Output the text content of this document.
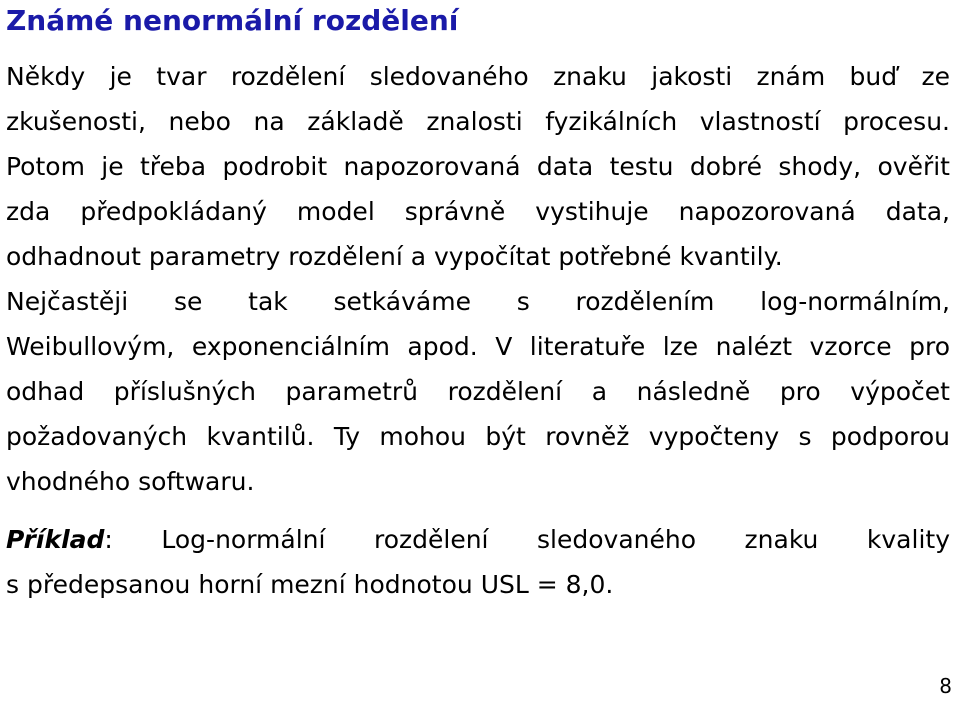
Známé nenormální rozdělení

Někdy je tvar rozdělení sledovaného znaku jakosti znám buď ze
zkušenosti, nebo na základě znalosti fyzikálních vlastností procesu.
Potom je třeba podrobit napozorovaná data testu dobré shody, ověřit
zda předpokládaný model správně vystihuje napozorovaná data,
odhadnout parametry rozdělení a vypočítat potřebné kvantily.

Nejčastěji se tak setkáváme s rozdělením log-normálním,
Weibullovým, exponenciálním apod. V literatuře lze nalézt vzorce pro
odhad příslušných parametrů rozdělení a následně pro výpočet
požadovaných kvantilů. Ty mohou být rovněž vypočteny s podporou
vhodného softwaru.

Příklad: Log-normální rozdělení sledovaného znaku kvality
s předepsanou horní mezní hodnotou USL = 8,0.

8
